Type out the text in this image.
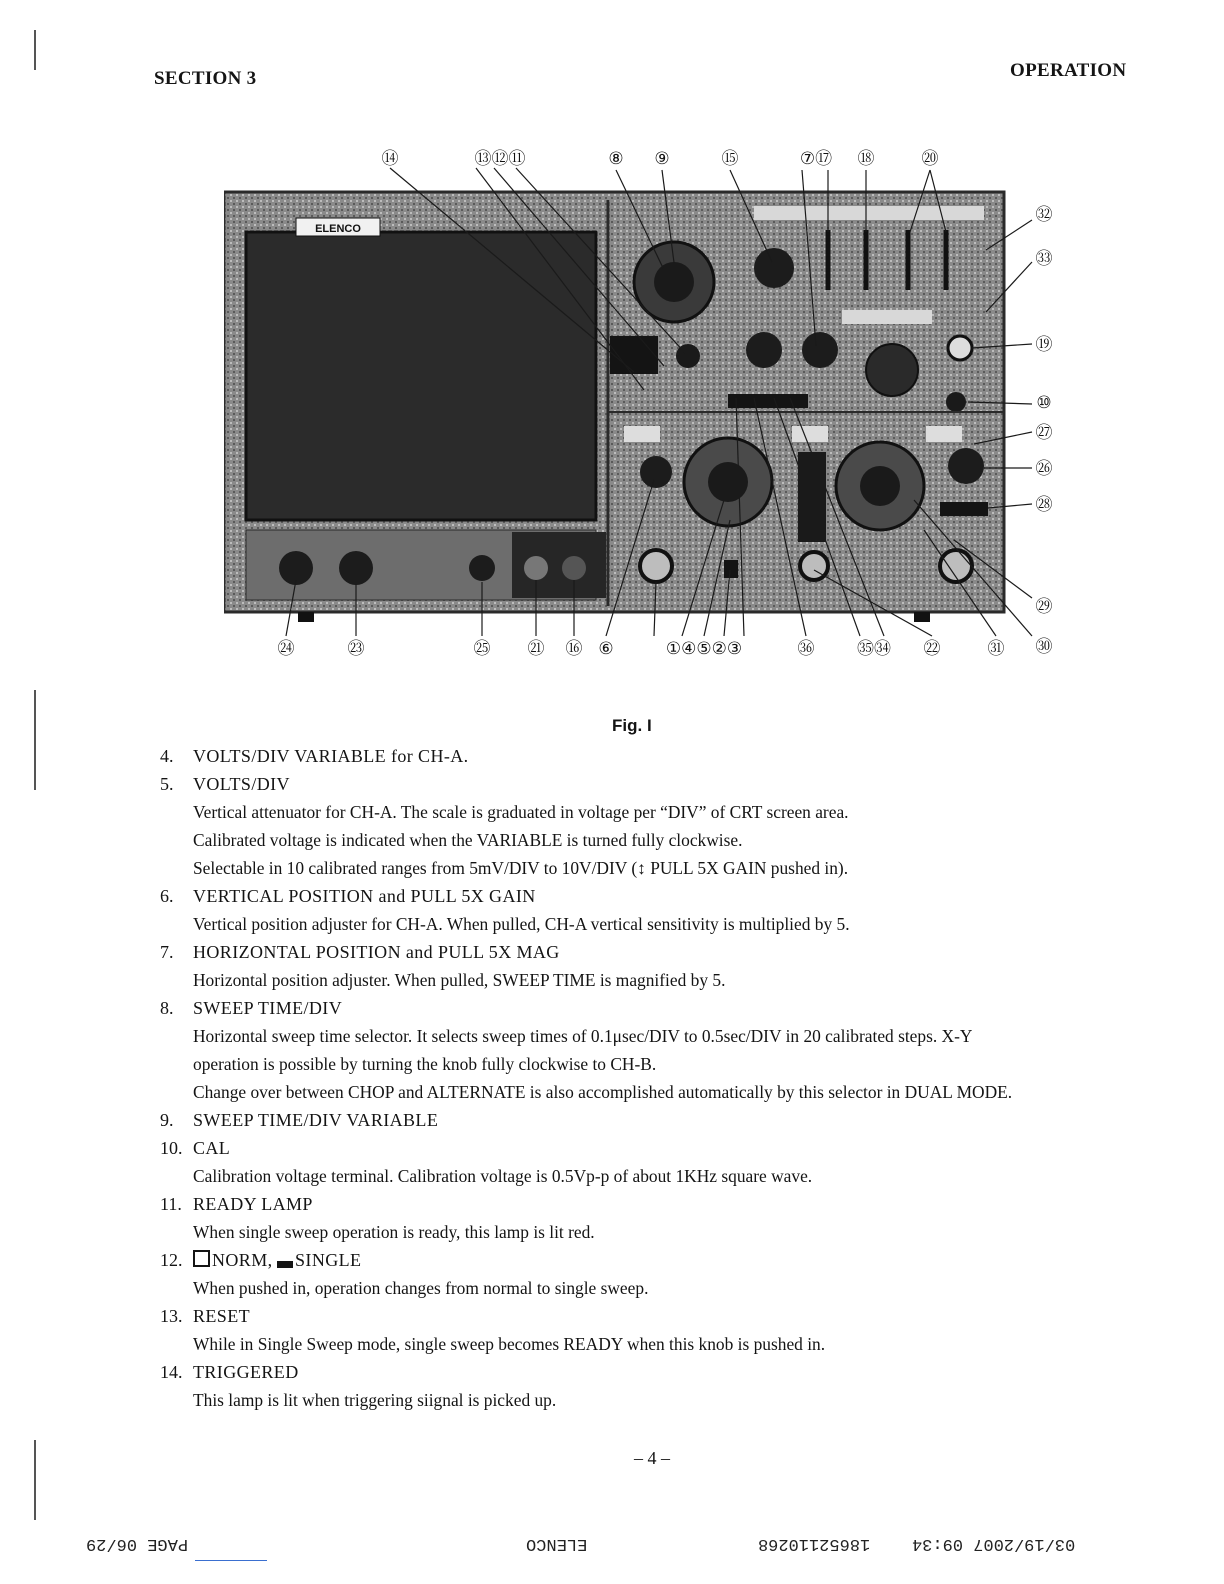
SECTION 3	OPERATION
ELENCO
⑭	⑬⑫⑪	⑧ ⑨	⑮	⑦⑰ ⑱	⑳
㉜
㉝
⑲
⑩
㉗
㉖
㉘
㉙
㉚
㉔	㉓	㉕ ㉑ ⑯ ⑥	①④⑤②③	㊱	㉟㉞ ㉒	㉛
Fig. I

4. VOLTS/DIV VARIABLE for CH-A.

5. VOLTS/DIV

Vertical attenuator for CH-A. The scale is graduated in voltage per “DIV” of CRT screen area.

Calibrated voltage is indicated when the VARIABLE is turned fully clockwise.

Selectable in 10 calibrated ranges from 5mV/DIV to 10V/DIV (↕ PULL 5X GAIN pushed in).

6. VERTICAL POSITION and PULL 5X GAIN

Vertical position adjuster for CH-A. When pulled, CH-A vertical sensitivity is multiplied by 5.

7. HORIZONTAL POSITION and PULL 5X MAG

Horizontal position adjuster. When pulled, SWEEP TIME is magnified by 5.

8. SWEEP TIME/DIV

Horizontal sweep time selector. It selects sweep times of 0.1μsec/DIV to 0.5sec/DIV in 20 calibrated steps. X-Y

operation is possible by turning the knob fully clockwise to CH-B.

Change over between CHOP and ALTERNATE is also accomplished automatically by this selector in DUAL MODE.

9. SWEEP TIME/DIV VARIABLE

10. CAL

Calibration voltage terminal. Calibration voltage is 0.5Vp-p of about 1KHz square wave.

11. READY LAMP

When single sweep operation is ready, this lamp is lit red.

12. NORM, SINGLE

When pushed in, operation changes from normal to single sweep.

13. RESET

While in Single Sweep mode, single sweep becomes READY when this knob is pushed in.

14. TRIGGERED

This lamp is lit when triggering siignal is picked up.

– 4 –
PAGE 06/29	ELENCO	18652110268 03/19/2007 09:34
